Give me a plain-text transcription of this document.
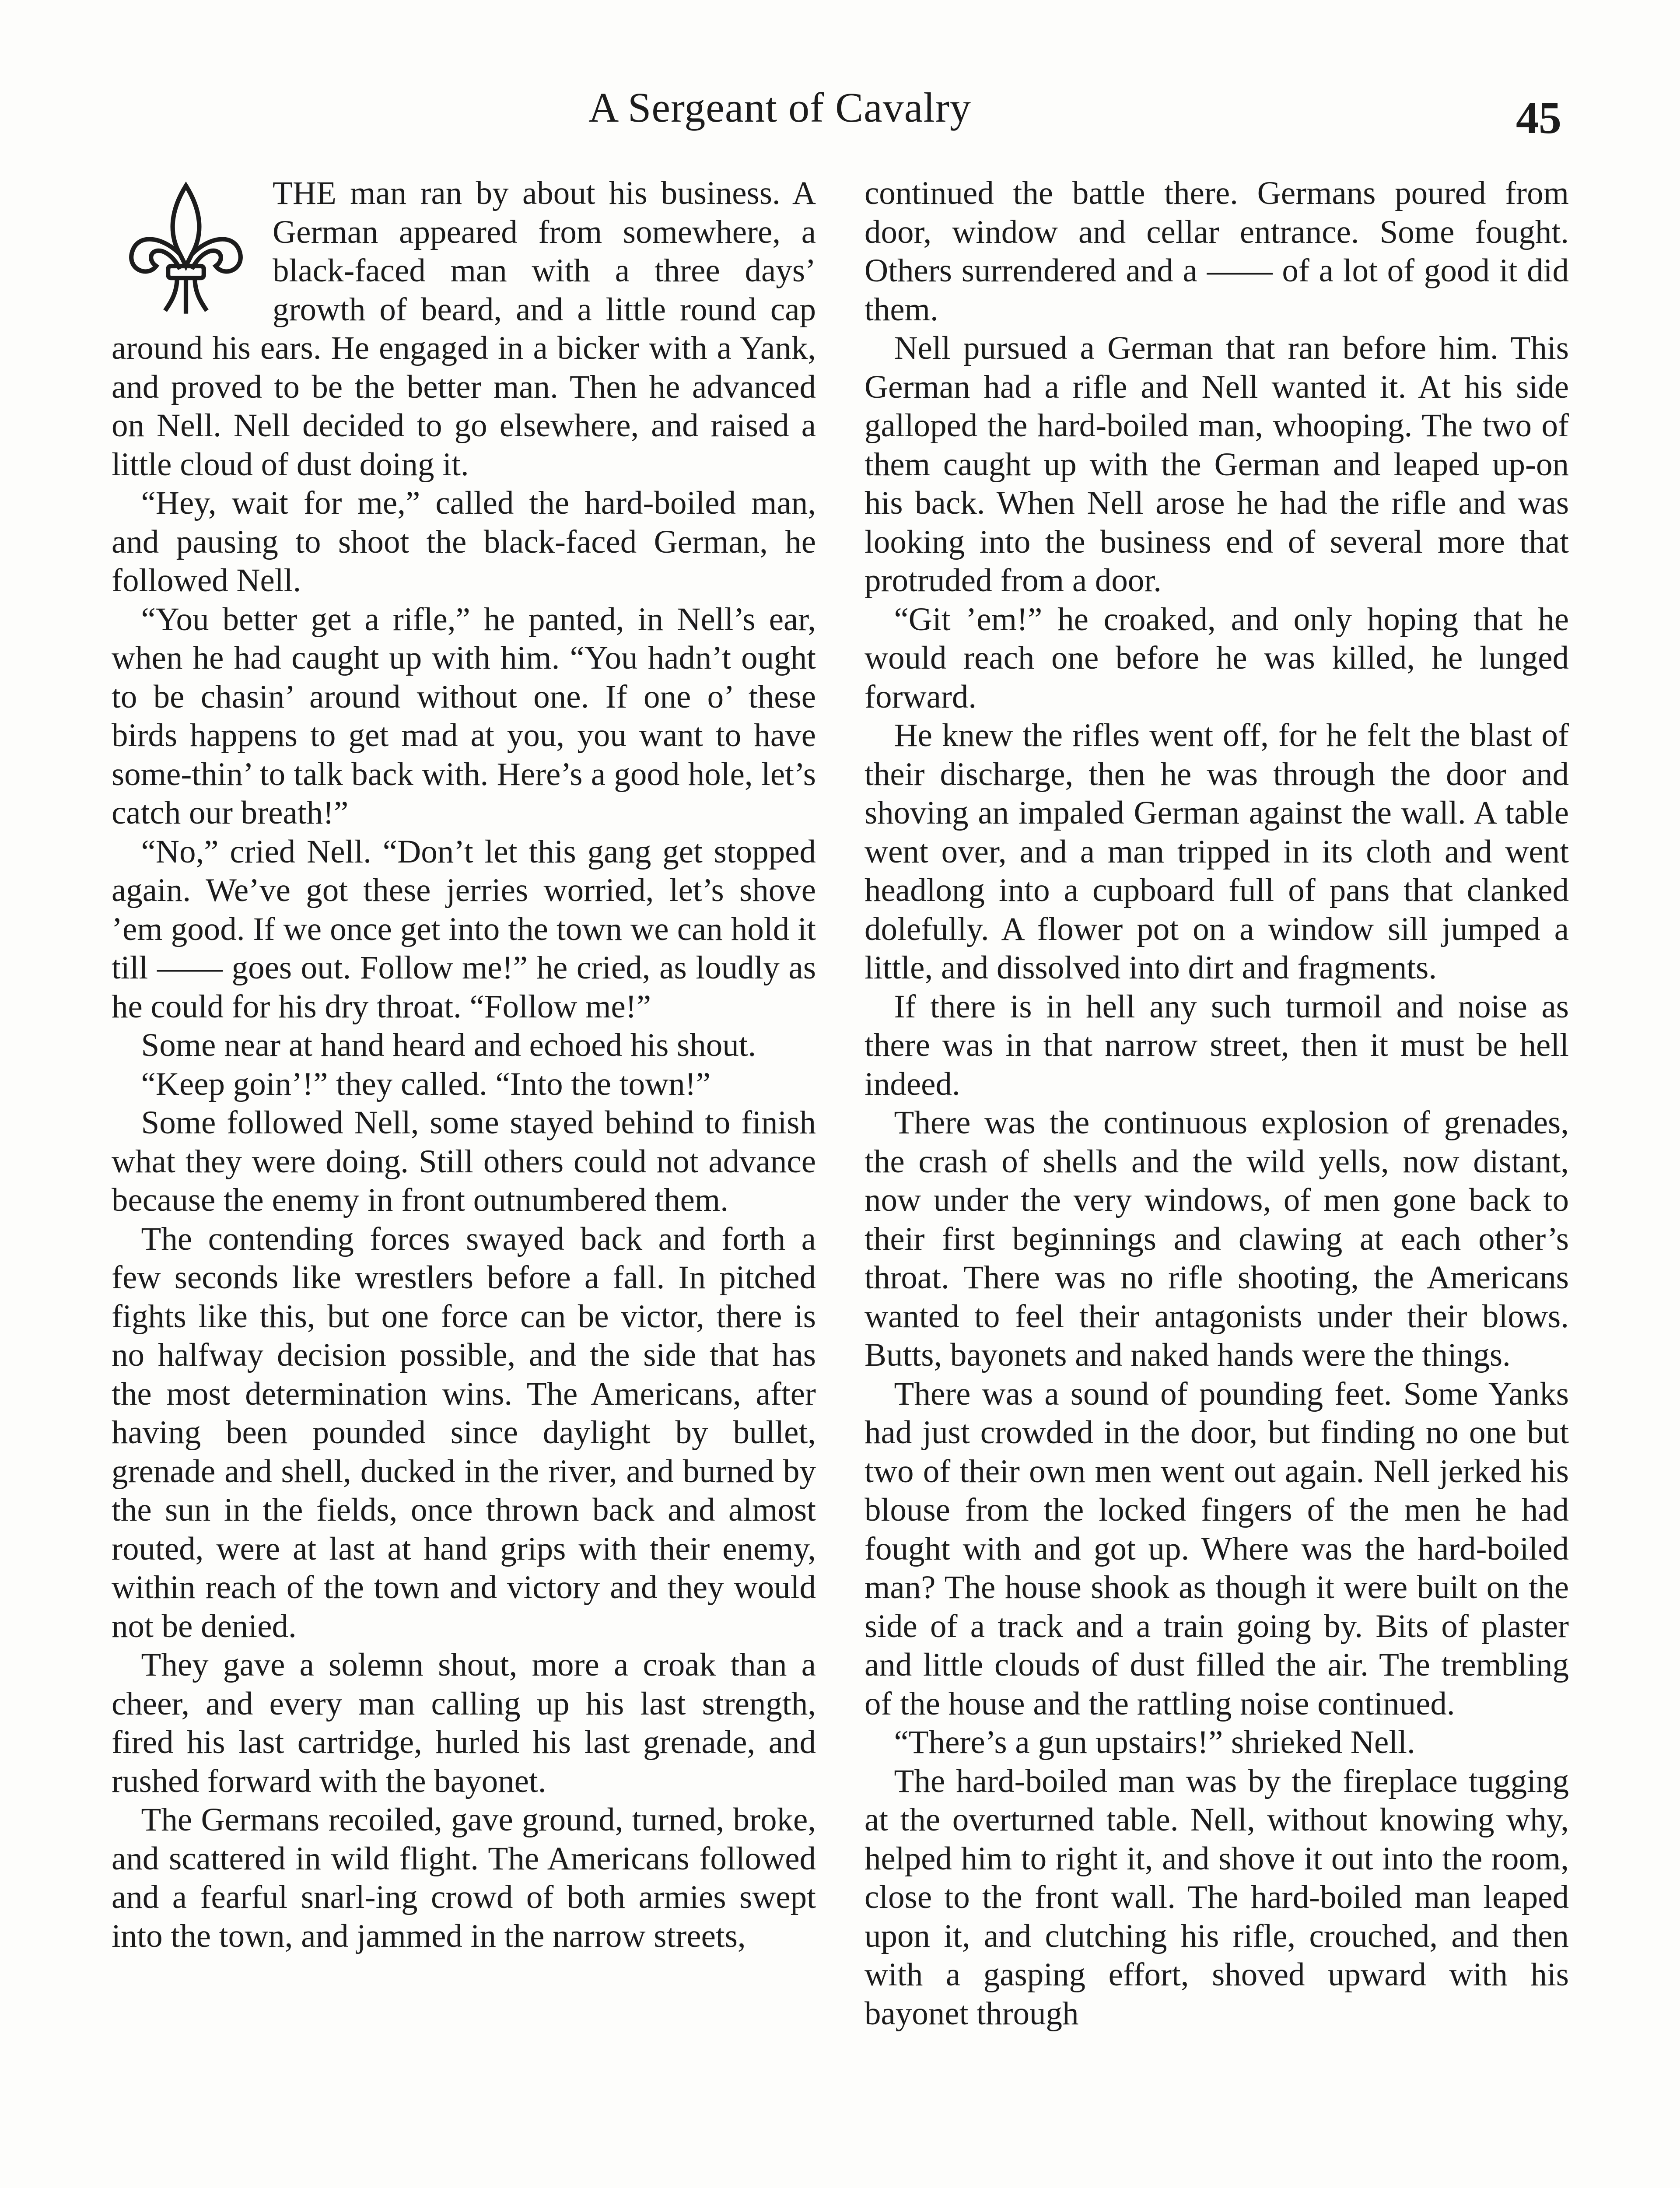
A Sergeant of Cavalry	45

THE man ran by about his business. A German appeared from somewhere, a black-faced man with a three days’ growth of beard, and a little round cap around his ears. He engaged in a bicker with a Yank, and proved to be the better man. Then he advanced on Nell. Nell decided to go elsewhere, and raised a little cloud of dust doing it.

“Hey, wait for me,” called the hard-boiled man, and pausing to shoot the black-faced German, he followed Nell.

“You better get a rifle,” he panted, in Nell’s ear, when he had caught up with him. “You hadn’t ought to be chasin’ around without one. If one o’ these birds happens to get mad at you, you want to have some-thin’ to talk back with. Here’s a good hole, let’s catch our breath!”

“No,” cried Nell. “Don’t let this gang get stopped again. We’ve got these jerries worried, let’s shove ’em good. If we once get into the town we can hold it till —— goes out. Follow me!” he cried, as loudly as he could for his dry throat. “Follow me!”

Some near at hand heard and echoed his shout.

“Keep goin’!” they called. “Into the town!”

Some followed Nell, some stayed behind to finish what they were doing. Still others could not advance because the enemy in front outnumbered them.

The contending forces swayed back and forth a few seconds like wrestlers before a fall. In pitched fights like this, but one force can be victor, there is no halfway decision possible, and the side that has the most determination wins. The Americans, after having been pounded since daylight by bullet, grenade and shell, ducked in the river, and burned by the sun in the fields, once thrown back and almost routed, were at last at hand grips with their enemy, within reach of the town and victory and they would not be denied.

They gave a solemn shout, more a croak than a cheer, and every man calling up his last strength, fired his last cartridge, hurled his last grenade, and rushed forward with the bayonet.

The Germans recoiled, gave ground, turned, broke, and scattered in wild flight. The Americans followed and a fearful snarl-ing crowd of both armies swept into the town, and jammed in the narrow streets,

continued the battle there. Germans poured from door, window and cellar entrance. Some fought. Others surrendered and a —— of a lot of good it did them.

Nell pursued a German that ran before him. This German had a rifle and Nell wanted it. At his side galloped the hard-boiled man, whooping. The two of them caught up with the German and leaped up-on his back. When Nell arose he had the rifle and was looking into the business end of several more that protruded from a door.

“Git ’em!” he croaked, and only hoping that he would reach one before he was killed, he lunged forward.

He knew the rifles went off, for he felt the blast of their discharge, then he was through the door and shoving an impaled German against the wall. A table went over, and a man tripped in its cloth and went headlong into a cupboard full of pans that clanked dolefully. A flower pot on a window sill jumped a little, and dissolved into dirt and fragments.

If there is in hell any such turmoil and noise as there was in that narrow street, then it must be hell indeed.

There was the continuous explosion of grenades, the crash of shells and the wild yells, now distant, now under the very windows, of men gone back to their first beginnings and clawing at each other’s throat. There was no rifle shooting, the Americans wanted to feel their antagonists under their blows. Butts, bayonets and naked hands were the things.

There was a sound of pounding feet. Some Yanks had just crowded in the door, but finding no one but two of their own men went out again. Nell jerked his blouse from the locked fingers of the men he had fought with and got up. Where was the hard-boiled man? The house shook as though it were built on the side of a track and a train going by. Bits of plaster and little clouds of dust filled the air. The trembling of the house and the rattling noise continued.

“There’s a gun upstairs!” shrieked Nell.

The hard-boiled man was by the fireplace tugging at the overturned table. Nell, without knowing why, helped him to right it, and shove it out into the room, close to the front wall. The hard-boiled man leaped upon it, and clutching his rifle, crouched, and then with a gasping effort, shoved upward with his bayonet through
